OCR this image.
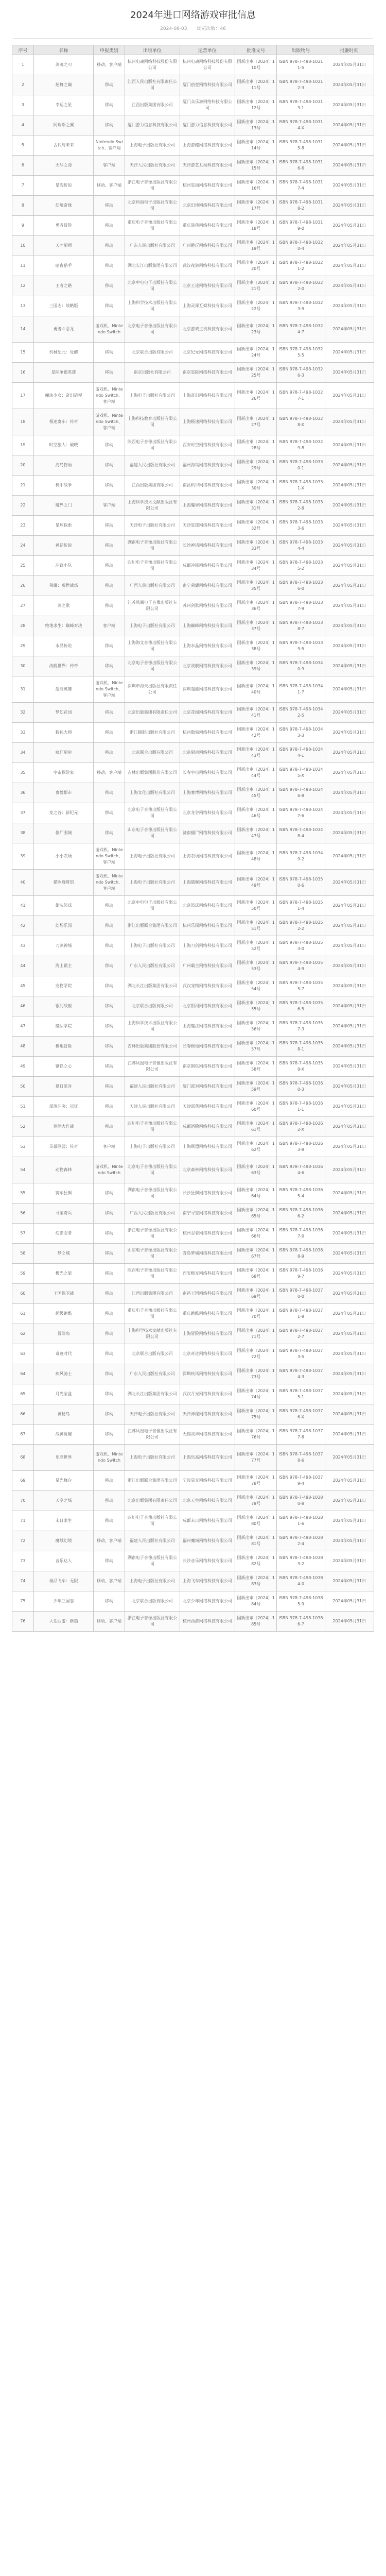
2024年进口网络游戏审批信息
2024-06-03 浏览次数：46
序号	名称	申报类别	出版单位	运营单位	批准文号	出版物号	批准时间
1	剑魂之刃	移动、客户端	杭州电魂网络科技股份有限公司	杭州电魂网络科技股份有限公司	国新出审〔2024〕110号	ISBN 978-7-498-10311-5	2024年05月31日
2	炫舞之巅	移动	江西人民出版社有限责任公司	厦门创壹网络科技有限公司	国新出审〔2024〕111号	ISBN 978-7-498-10312-3	2024年05月31日
3	幸运之星	移动	江西出版集团有限公司	厦门众乐游网络科技有限公司	国新出审〔2024〕112号	ISBN 978-7-498-10313-1	2024年05月31日
4	阿瑞斯之翼	移动	厦门游力信息科技有限公司	厦门游力信息科技有限公司	国新出审〔2024〕113号	ISBN 978-7-498-10314-X	2024年05月31日
5	古代与未来	Nintendo Switch、客户端	上海电子出版社有限公司	上海游酷网络科技有限公司	国新出审〔2024〕114号	ISBN 978-7-498-10315-8	2024年05月31日
6	无尽之海	客户端	天津人民出版社有限公司	天津游艺互动科技有限公司	国新出审〔2024〕115号	ISBN 978-7-498-10316-6	2024年05月31日
7	星海传说	移动、客户端	浙江电子音像出版社有限公司	杭州星海网络科技有限公司	国新出审〔2024〕116号	ISBN 978-7-498-10317-4	2024年05月31日
8	幻境奇缘	移动	北京科海电子出版社有限公司	北京幻境网络科技有限公司	国新出审〔2024〕117号	ISBN 978-7-498-10318-2	2024年05月31日
9	勇者冒险	移动	重庆电子音像出版社有限公司	重庆游侠网络科技有限公司	国新出审〔2024〕118号	ISBN 978-7-498-10319-0	2024年05月31日
10	天才厨师	移动	广东人民出版社有限公司	广州趣玩网络科技有限公司	国新出审〔2024〕119号	ISBN 978-7-498-10320-4	2024年05月31日
11	暗夜猎手	移动	湖北长江出版集团有限公司	武汉夜游网络科技有限公司	国新出审〔2024〕120号	ISBN 978-7-498-10321-2	2024年05月31日
12	王者之路	移动	北京中电电子出版社有限公司	北京王途网络科技有限公司	国新出审〔2024〕121号	ISBN 978-7-498-10322-0	2024年05月31日
13	三国志：战略版	移动	上海科学技术出版社有限公司	上海灵犀互娱科技有限公司	国新出审〔2024〕122号	ISBN 978-7-498-10323-9	2024年05月31日
14	勇者斗恶龙	游戏机、Nintendo Switch	北京电子音像出版社有限公司	北京游戏主机科技有限公司	国新出审〔2024〕123号	ISBN 978-7-498-10324-7	2024年05月31日
15	机械纪元：觉醒	移动	北京联合出版有限公司	北京纪元网络科技有限公司	国新出审〔2024〕124号	ISBN 978-7-498-10325-5	2024年05月31日
16	星际争霸英雄	移动	南京出版社有限公司	南京星际网络科技有限公司	国新出审〔2024〕125号	ISBN 978-7-498-10326-3	2024年05月31日
17	魔法少女：奇幻旅程	游戏机、Nintendo Switch、客户端	上海电子出版社有限公司	上海奇幻网络科技有限公司	国新出审〔2024〕126号	ISBN 978-7-498-10327-1	2024年05月31日
18	极速赛车：传奇	游戏机、Nintendo Switch、客户端	上海科技教育出版社有限公司	上海极速网络科技有限公司	国新出审〔2024〕127号	ISBN 978-7-498-10328-X	2024年05月31日
19	时空旅人：破晓	移动	陕西电子音像出版社有限公司	西安时空网络科技有限公司	国新出审〔2024〕128号	ISBN 978-7-498-10329-8	2024年05月31日
20	海岛物语	移动	福建人民出版社有限公司	福州海岛网络科技有限公司	国新出审〔2024〕129号	ISBN 978-7-498-10330-1	2024年05月31日
21	机甲战争	移动	江西出版集团有限公司	南昌机甲网络科技有限公司	国新出审〔2024〕130号	ISBN 978-7-498-10331-X	2024年05月31日
22	魔界之门	客户端	上海科学技术文献出版社有限公司	上海魔界网络科技有限公司	国新出审〔2024〕131号	ISBN 978-7-498-10332-8	2024年05月31日
23	星球探索	移动	天津电子出版社有限公司	天津星球网络科技有限公司	国新出审〔2024〕132号	ISBN 978-7-498-10333-6	2024年05月31日
24	神话传说	移动	湖南电子音像出版社有限公司	长沙神话网络科技有限公司	国新出审〔2024〕133号	ISBN 978-7-498-10334-4	2024年05月31日
25	冲锋小队	移动	四川电子音像出版社有限公司	成都冲锋网络科技有限公司	国新出审〔2024〕134号	ISBN 978-7-498-10335-2	2024年05月31日
26	荣耀：现世战场	移动	广西人民出版社有限公司	南宁荣耀网络科技有限公司	国新出审〔2024〕135号	ISBN 978-7-498-10336-0	2024年05月31日
27	剑之歌	移动	江苏凤凰电子音像出版社有限公司	苏州剑歌网络科技有限公司	国新出审〔2024〕136号	ISBN 978-7-498-10337-9	2024年05月31日
28	绝地求生：巅峰对决	客户端	上海电子出版社有限公司	上海巅峰网络科技有限公司	国新出审〔2024〕137号	ISBN 978-7-498-10338-7	2024年05月31日
29	水晶传说	移动	上海海文音像出版社有限公司	上海水晶网络科技有限公司	国新出审〔2024〕138号	ISBN 978-7-498-10339-5	2024年05月31日
30	战舰世界：传奇	移动	北京电子音像出版社有限公司	北京战舰网络科技有限公司	国新出审〔2024〕139号	ISBN 978-7-498-10340-9	2024年05月31日
31	超能英雄	游戏机、Nintendo Switch、客户端	深圳市海天出版社有限责任公司	深圳超能网络科技有限公司	国新出审〔2024〕140号	ISBN 978-7-498-10341-7	2024年05月31日
32	梦幻花园	移动	北京出版集团有限责任公司	北京花园网络科技有限公司	国新出审〔2024〕141号	ISBN 978-7-498-10342-5	2024年05月31日
33	数独大师	移动	浙江摄影出版社有限公司	杭州数独网络科技有限公司	国新出审〔2024〕142号	ISBN 978-7-498-10343-3	2024年05月31日
34	疯狂厨房	移动	北京联合出版有限公司	北京厨房网络科技有限公司	国新出审〔2024〕143号	ISBN 978-7-498-10344-1	2024年05月31日
35	宇宙探险家	移动、客户端	吉林出版集团股份有限公司	长春宇宙网络科技有限公司	国新出审〔2024〕144号	ISBN 978-7-498-10345-X	2024年05月31日
36	赛博都市	移动	上海文化出版社有限公司	上海赛博网络科技有限公司	国新出审〔2024〕145号	ISBN 978-7-498-10346-8	2024年05月31日
37	龙之谷：新纪元	移动	北京电子音像出版社有限公司	北京龙谷网络科技有限公司	国新出审〔2024〕146号	ISBN 978-7-498-10347-6	2024年05月31日
38	僵尸围城	移动	山东电子音像出版社有限公司	济南僵尸网络科技有限公司	国新出审〔2024〕147号	ISBN 978-7-498-10348-4	2024年05月31日
39	小小农场	游戏机、Nintendo Switch、客户端	上海电子出版社有限公司	上海农场网络科技有限公司	国新出审〔2024〕148号	ISBN 978-7-498-10349-2	2024年05月31日
40	猫咪咖啡馆	游戏机、Nintendo Switch、客户端	上海电子出版社有限公司	上海猫咪网络科技有限公司	国新出审〔2024〕149号	ISBN 978-7-498-10350-6	2024年05月31日
41	街头篮球	移动	北京中电电子出版社有限公司	北京篮球网络科技有限公司	国新出审〔2024〕150号	ISBN 978-7-498-10351-4	2024年05月31日
42	幻想乐园	移动	浙江出版联合集团有限公司	杭州乐园网络科技有限公司	国新出审〔2024〕151号	ISBN 978-7-498-10352-2	2024年05月31日
43	刀剑神域	移动	上海电子出版社有限公司	上海刀剑网络科技有限公司	国新出审〔2024〕152号	ISBN 978-7-498-10353-0	2024年05月31日
44	海上霸主	移动	广东人民出版社有限公司	广州霸主网络科技有限公司	国新出审〔2024〕153号	ISBN 978-7-498-10354-9	2024年05月31日
45	宠物学院	移动	湖北长江出版集团有限公司	武汉宠物网络科技有限公司	国新出审〔2024〕154号	ISBN 978-7-498-10355-7	2024年05月31日
46	银河战舰	移动	北京联合出版有限公司	北京银河网络科技有限公司	国新出审〔2024〕155号	ISBN 978-7-498-10356-5	2024年05月31日
47	魔法学院	移动	上海科学技术出版社有限公司	上海魔法网络科技有限公司	国新出审〔2024〕156号	ISBN 978-7-498-10357-3	2024年05月31日
48	极地冒险	移动	吉林出版集团股份有限公司	长春极地网络科技有限公司	国新出审〔2024〕157号	ISBN 978-7-498-10358-1	2024年05月31日
49	钢铁之心	移动	江苏凤凰电子音像出版社有限公司	南京钢铁网络科技有限公司	国新出审〔2024〕158号	ISBN 978-7-498-10359-X	2024年05月31日
50	夏日派对	移动	福建人民出版社有限公司	厦门派对网络科技有限公司	国新出审〔2024〕159号	ISBN 978-7-498-10360-3	2024年05月31日
51	部落冲突：远征	移动	天津人民出版社有限公司	天津部落网络科技有限公司	国新出审〔2024〕160号	ISBN 978-7-498-10361-1	2024年05月31日
52	消除大作战	移动	四川电子音像出版社有限公司	成都消除网络科技有限公司	国新出审〔2024〕161号	ISBN 978-7-498-10362-X	2024年05月31日
53	英雄联盟：传奇	客户端	上海电子出版社有限公司	上海联盟网络科技有限公司	国新出审〔2024〕162号	ISBN 978-7-498-10363-8	2024年05月31日
54	动物森林	游戏机、Nintendo Switch	北京电子音像出版社有限公司	北京森林网络科技有限公司	国新出审〔2024〕163号	ISBN 978-7-498-10364-6	2024年05月31日
55	赛车狂飙	移动	湖南电子音像出版社有限公司	长沙狂飙网络科技有限公司	国新出审〔2024〕164号	ISBN 978-7-498-10365-4	2024年05月31日
56	寻宝奇兵	移动	广西人民出版社有限公司	南宁寻宝网络科技有限公司	国新出审〔2024〕165号	ISBN 978-7-498-10366-2	2024年05月31日
57	幻影忍者	移动	浙江电子音像出版社有限公司	杭州忍者网络科技有限公司	国新出审〔2024〕166号	ISBN 978-7-498-10367-0	2024年05月31日
58	梦之城	移动	山东电子音像出版社有限公司	青岛梦城网络科技有限公司	国新出审〔2024〕167号	ISBN 978-7-498-10368-9	2024年05月31日
59	极光之旅	移动	陕西电子音像出版社有限公司	西安极光网络科技有限公司	国新出审〔2024〕168号	ISBN 978-7-498-10369-7	2024年05月31日
60	王国保卫战	移动	江西出版集团有限公司	南昌王国网络科技有限公司	国新出审〔2024〕169号	ISBN 978-7-498-10370-0	2024年05月31日
61	超级跑酷	移动	重庆电子音像出版社有限公司	重庆跑酷网络科技有限公司	国新出审〔2024〕170号	ISBN 978-7-498-10371-9	2024年05月31日
62	冒险岛	移动	上海科学技术文献出版社有限公司	上海冒险网络科技有限公司	国新出审〔2024〕171号	ISBN 978-7-498-10372-7	2024年05月31日
63	奇迹时代	移动	北京联合出版有限公司	北京奇迹网络科技有限公司	国新出审〔2024〕172号	ISBN 978-7-498-10373-5	2024年05月31日
64	疾风骑士	移动	广东人民出版社有限公司	深圳疾风网络科技有限公司	国新出审〔2024〕173号	ISBN 978-7-498-10374-3	2024年05月31日
65	月光宝盒	移动	湖北长江出版集团有限公司	武汉月光网络科技有限公司	国新出审〔2024〕174号	ISBN 978-7-498-10375-1	2024年05月31日
66	神秘岛	移动	天津电子出版社有限公司	天津神秘网络科技有限公司	国新出审〔2024〕175号	ISBN 978-7-498-10376-X	2024年05月31日
67	战神觉醒	移动	江苏凤凰电子音像出版社有限公司	无锡战神网络科技有限公司	国新出审〔2024〕176号	ISBN 978-7-498-10377-8	2024年05月31日
68	乐高世界	游戏机、Nintendo Switch	上海电子出版社有限公司	上海乐高网络科技有限公司	国新出审〔2024〕177号	ISBN 978-7-498-10378-6	2024年05月31日
69	星光舞台	移动	浙江出版联合集团有限公司	宁波星光网络科技有限公司	国新出审〔2024〕178号	ISBN 978-7-498-10379-4	2024年05月31日
70	天空之城	移动	北京出版集团有限责任公司	北京天空网络科技有限公司	国新出审〔2024〕179号	ISBN 978-7-498-10380-8	2024年05月31日
71	末日求生	移动	四川电子音像出版社有限公司	成都末日网络科技有限公司	国新出审〔2024〕180号	ISBN 978-7-498-10381-6	2024年05月31日
72	魔域幻境	移动、客户端	福建人民出版社有限公司	福州魔域网络科技有限公司	国新出审〔2024〕181号	ISBN 978-7-498-10382-4	2024年05月31日
73	音乐达人	移动	湖南电子音像出版社有限公司	长沙音乐网络科技有限公司	国新出审〔2024〕182号	ISBN 978-7-498-10383-2	2024年05月31日
74	极品飞车：无限	移动、客户端	上海电子出版社有限公司	上海飞车网络科技有限公司	国新出审〔2024〕183号	ISBN 978-7-498-10384-0	2024年05月31日
75	少年三国志	移动	北京联合出版有限公司	北京少年网络科技有限公司	国新出审〔2024〕184号	ISBN 978-7-498-10385-9	2024年05月31日
76	大话西游：新篇	移动、客户端	浙江电子音像出版社有限公司	杭州西游网络科技有限公司	国新出审〔2024〕185号	ISBN 978-7-498-10386-7	2024年05月31日
